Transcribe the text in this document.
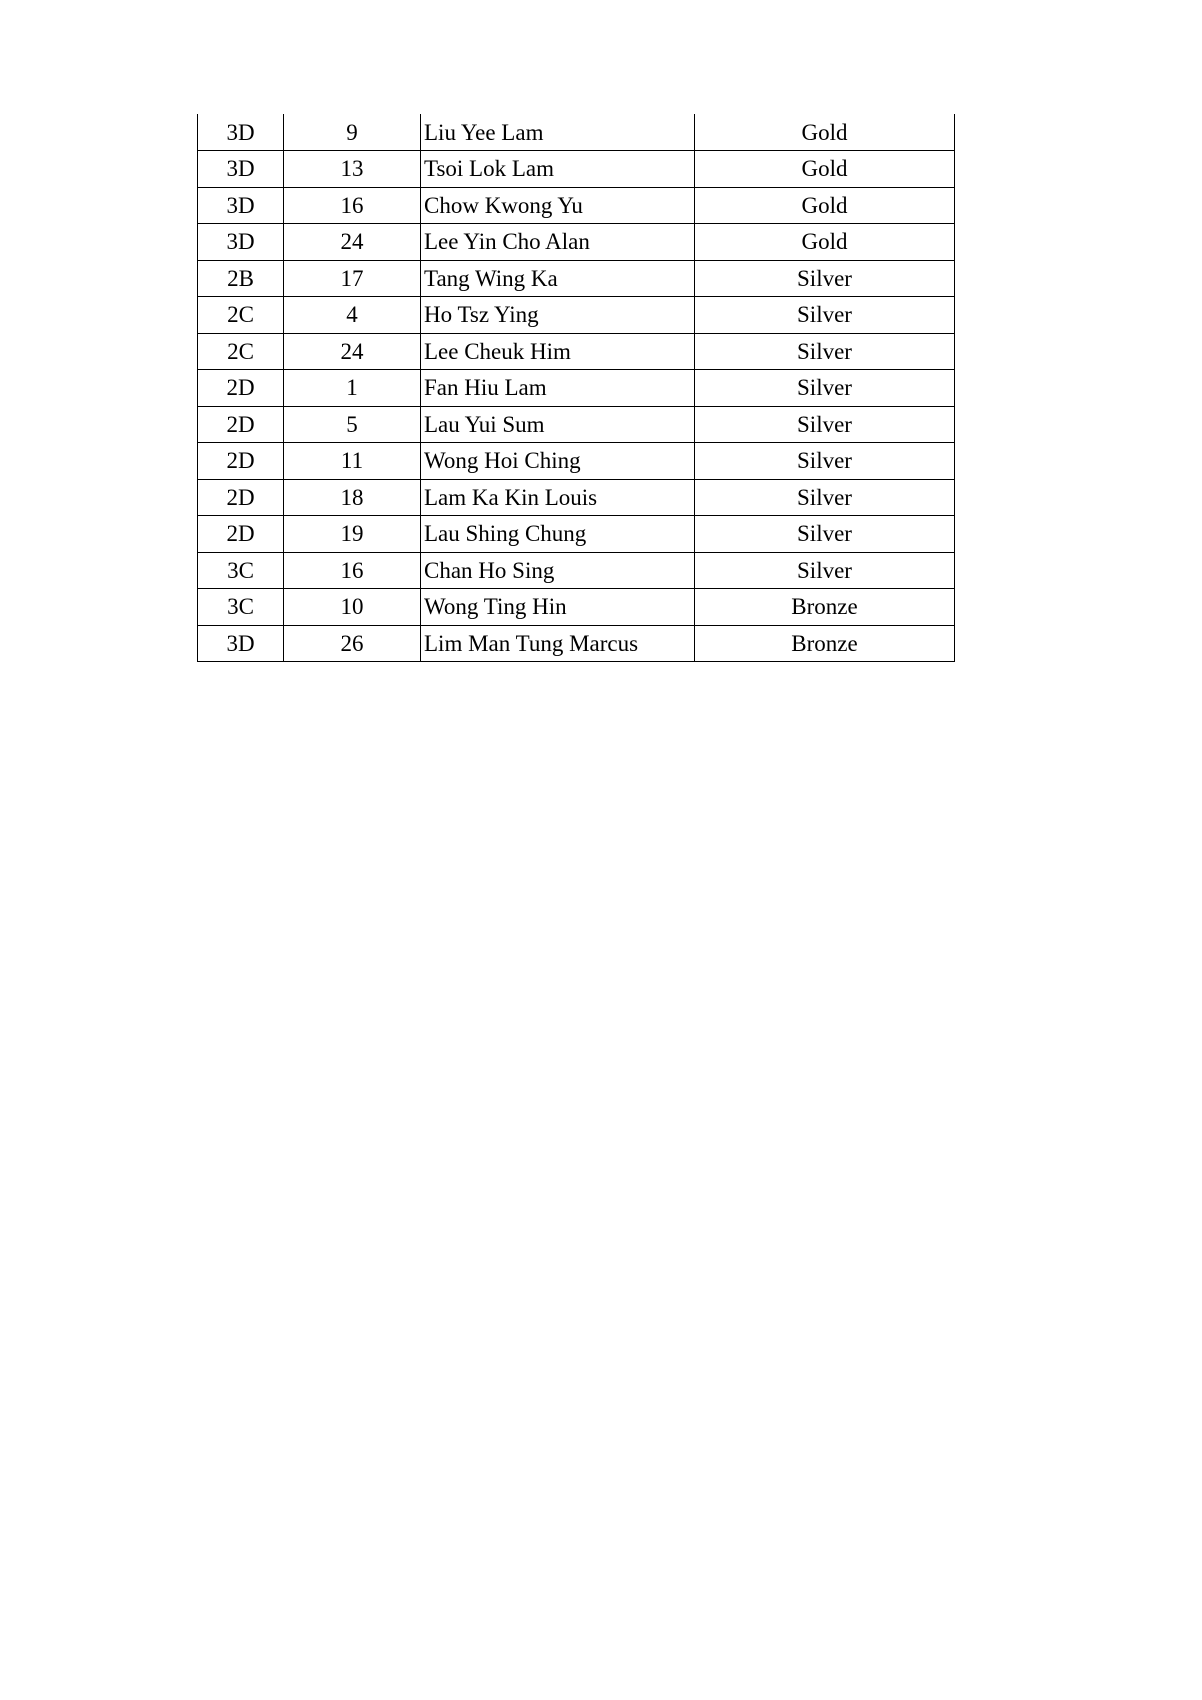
3D	9	Liu Yee Lam	Gold
3D	13	Tsoi Lok Lam	Gold
3D	16	Chow Kwong Yu	Gold
3D	24	Lee Yin Cho Alan	Gold
2B	17	Tang Wing Ka	Silver
2C	4	Ho Tsz Ying	Silver
2C	24	Lee Cheuk Him	Silver
2D	1	Fan Hiu Lam	Silver
2D	5	Lau Yui Sum	Silver
2D	11	Wong Hoi Ching	Silver
2D	18	Lam Ka Kin Louis	Silver
2D	19	Lau Shing Chung	Silver
3C	16	Chan Ho Sing	Silver
3C	10	Wong Ting Hin	Bronze
3D	26	Lim Man Tung Marcus	Bronze
